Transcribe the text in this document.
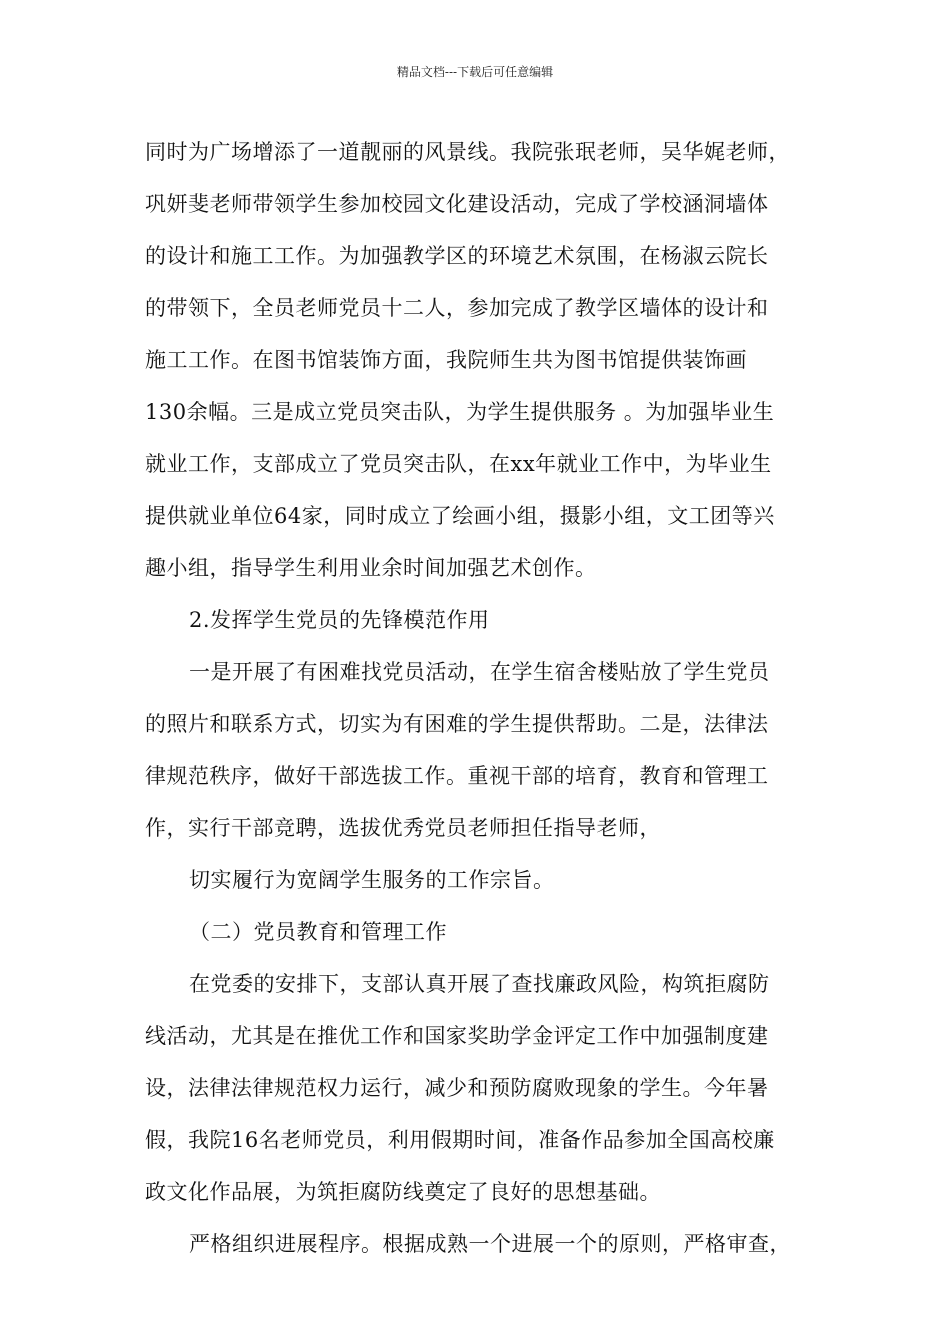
精品文档---下载后可任意编辑
同时为广场增添了一道靓丽的风景线。我院张珉老师，吴华娓老师，
巩妍斐老师带领学生参加校园文化建设活动，完成了学校涵洞墙体
的设计和施工工作。为加强教学区的环境艺术氛围，在杨淑云院长
的带领下，全员老师党员十二人，参加完成了教学区墙体的设计和
施工工作。在图书馆装饰方面，我院师生共为图书馆提供装饰画
130余幅。三是成立党员突击队，为学生提供服务 。为加强毕业生
就业工作，支部成立了党员突击队，在xx年就业工作中，为毕业生
提供就业单位64家，同时成立了绘画小组，摄影小组，文工团等兴
趣小组，指导学生利用业余时间加强艺术创作。
2.发挥学生党员的先锋模范作用
一是开展了有困难找党员活动，在学生宿舍楼贴放了学生党员
的照片和联系方式，切实为有困难的学生提供帮助。二是，法律法
律规范秩序，做好干部选拔工作。重视干部的培育，教育和管理工
作，实行干部竞聘，选拔优秀党员老师担任指导老师，
切实履行为宽阔学生服务的工作宗旨。
（二）党员教育和管理工作
在党委的安排下，支部认真开展了查找廉政风险，构筑拒腐防
线活动，尤其是在推优工作和国家奖助学金评定工作中加强制度建
设，法律法律规范权力运行，减少和预防腐败现象的学生。今年暑
假，我院16名老师党员，利用假期时间，准备作品参加全国高校廉
政文化作品展，为筑拒腐防线奠定了良好的思想基础。
严格组织进展程序。根据成熟一个进展一个的原则，严格审查，
